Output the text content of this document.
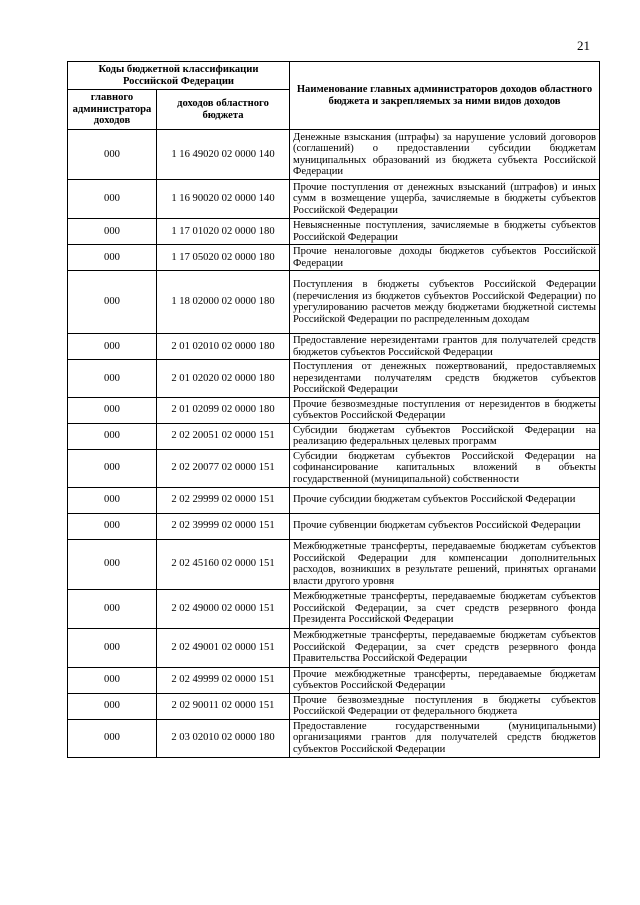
21
Коды бюджетной классификации Российской Федерации		Наименование главных администраторов доходов областного бюджета и закрепляемых за ними видов доходов
главного администратора доходов	доходов областного бюджета	
000	1 16 49020 02 0000 140	Денежные взыскания (штрафы) за нарушение условий договоров (соглашений) о предоставлении субсидии бюджетам муниципальных образований из бюджета субъекта Российской Федерации
000	1 16 90020 02 0000 140	Прочие поступления от денежных взысканий (штрафов) и иных сумм в возмещение ущерба, зачисляемые в бюджеты субъектов Российской Федерации
000	1 17 01020 02 0000 180	Невыясненные поступления, зачисляемые в бюджеты субъектов Российской Федерации
000	1 17 05020 02 0000 180	Прочие неналоговые доходы бюджетов субъектов Российской Федерации
000	1 18 02000 02 0000 180	Поступления в бюджеты субъектов Российской Федерации (перечисления из бюджетов субъектов Российской Федерации) по урегулированию расчетов между бюджетами бюджетной системы Российской Федерации по распределенным доходам
000	2 01 02010 02 0000 180	Предоставление нерезидентами грантов для получателей средств бюджетов субъектов Российской Федерации
000	2 01 02020 02 0000 180	Поступления от денежных пожертвований, предоставляемых нерезидентами получателям средств бюджетов субъектов Российской Федерации
000	2 01 02099 02 0000 180	Прочие безвозмездные поступления от нерезидентов в бюджеты субъектов Российской Федерации
000	2 02 20051 02 0000 151	Субсидии бюджетам субъектов Российской Федерации на реализацию федеральных целевых программ
000	2 02 20077 02 0000 151	Субсидии бюджетам субъектов Российской Федерации на софинансирование капитальных вложений в объекты государственной (муниципальной) собственности
000	2 02 29999 02 0000 151	Прочие субсидии бюджетам субъектов Российской Федерации
000	2 02 39999 02 0000 151	Прочие субвенции бюджетам субъектов Российской Федерации
000	2 02 45160 02 0000 151	Межбюджетные трансферты, передаваемые бюджетам субъектов Российской Федерации для компенсации дополнительных расходов, возникших в результате решений, принятых органами власти другого уровня
000	2 02 49000 02 0000 151	Межбюджетные трансферты, передаваемые бюджетам субъектов Российской Федерации, за счет средств резервного фонда Президента Российской Федерации
000	2 02 49001 02 0000 151	Межбюджетные трансферты, передаваемые бюджетам субъектов Российской Федерации, за счет средств резервного фонда Правительства Российской Федерации
000	2 02 49999 02 0000 151	Прочие межбюджетные трансферты, передаваемые бюджетам субъектов Российской Федерации
000	2 02 90011 02 0000 151	Прочие безвозмездные поступления в бюджеты субъектов Российской Федерации от федерального бюджета
000	2 03 02010 02 0000 180	Предоставление государственными (муниципальными) организациями грантов для получателей средств бюджетов субъектов Российской Федерации
